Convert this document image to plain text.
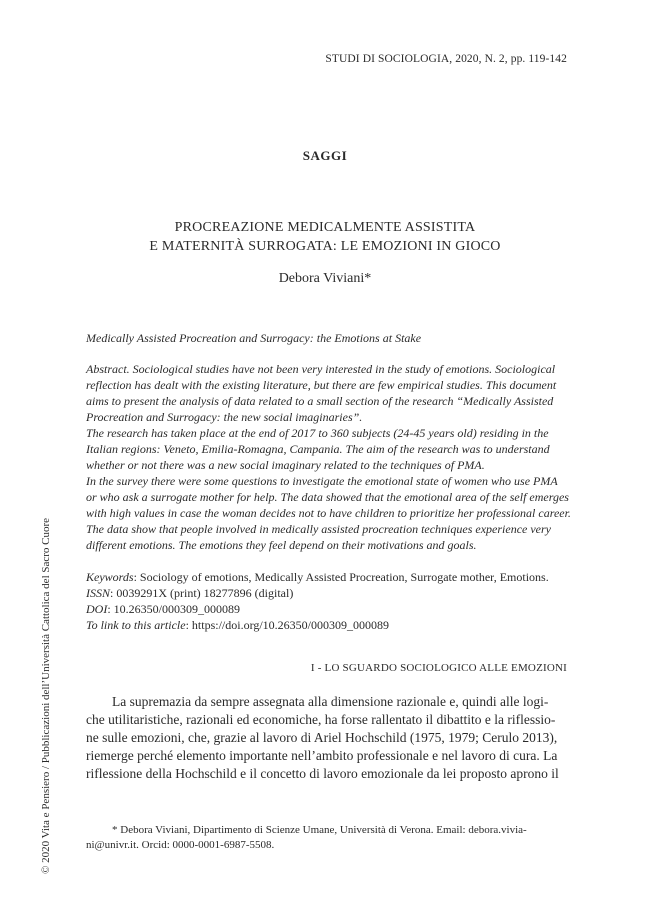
STUDI DI SOCIOLOGIA, 2020, N. 2, pp. 119-142
SAGGI
PROCREAZIONE MEDICALMENTE ASSISTITA
E MATERNITÀ SURROGATA: LE EMOZIONI IN GIOCO
Debora Viviani*
Medically Assisted Procreation and Surrogacy: the Emotions at Stake
Abstract. Sociological studies have not been very interested in the study of emotions. Sociological
reflection has dealt with the existing literature, but there are few empirical studies. This document
aims to present the analysis of data related to a small section of the research “Medically Assisted
Procreation and Surrogacy: the new social imaginaries”.
The research has taken place at the end of 2017 to 360 subjects (24-45 years old) residing in the
Italian regions: Veneto, Emilia-Romagna, Campania. The aim of the research was to understand
whether or not there was a new social imaginary related to the techniques of PMA.
In the survey there were some questions to investigate the emotional state of women who use PMA
or who ask a surrogate mother for help. The data showed that the emotional area of the self emerges
with high values in case the woman decides not to have children to prioritize her professional career.
The data show that people involved in medically assisted procreation techniques experience very
different emotions. The emotions they feel depend on their motivations and goals.
Keywords: Sociology of emotions, Medically Assisted Procreation, Surrogate mother, Emotions.
ISSN: 0039291X (print) 18277896 (digital)
DOI: 10.26350/000309_000089
To link to this article: https://doi.org/10.26350/000309_000089
I - LO SGUARDO SOCIOLOGICO ALLE EMOZIONI
La supremazia da sempre assegnata alla dimensione razionale e, quindi alle logi-
che utilitaristiche, razionali ed economiche, ha forse rallentato il dibattito e la riflessio-
ne sulle emozioni, che, grazie al lavoro di Ariel Hochschild (1975, 1979; Cerulo 2013),
riemerge perché elemento importante nell’ambito professionale e nel lavoro di cura. La
riflessione della Hochschild e il concetto di lavoro emozionale da lei proposto aprono il
* Debora Viviani, Dipartimento di Scienze Umane, Università di Verona. Email: debora.vivia-
ni@univr.it. Orcid: 0000-0001-6987-5508.
© 2020 Vita e Pensiero / Pubblicazioni dell’Università Cattolica del Sacro Cuore
